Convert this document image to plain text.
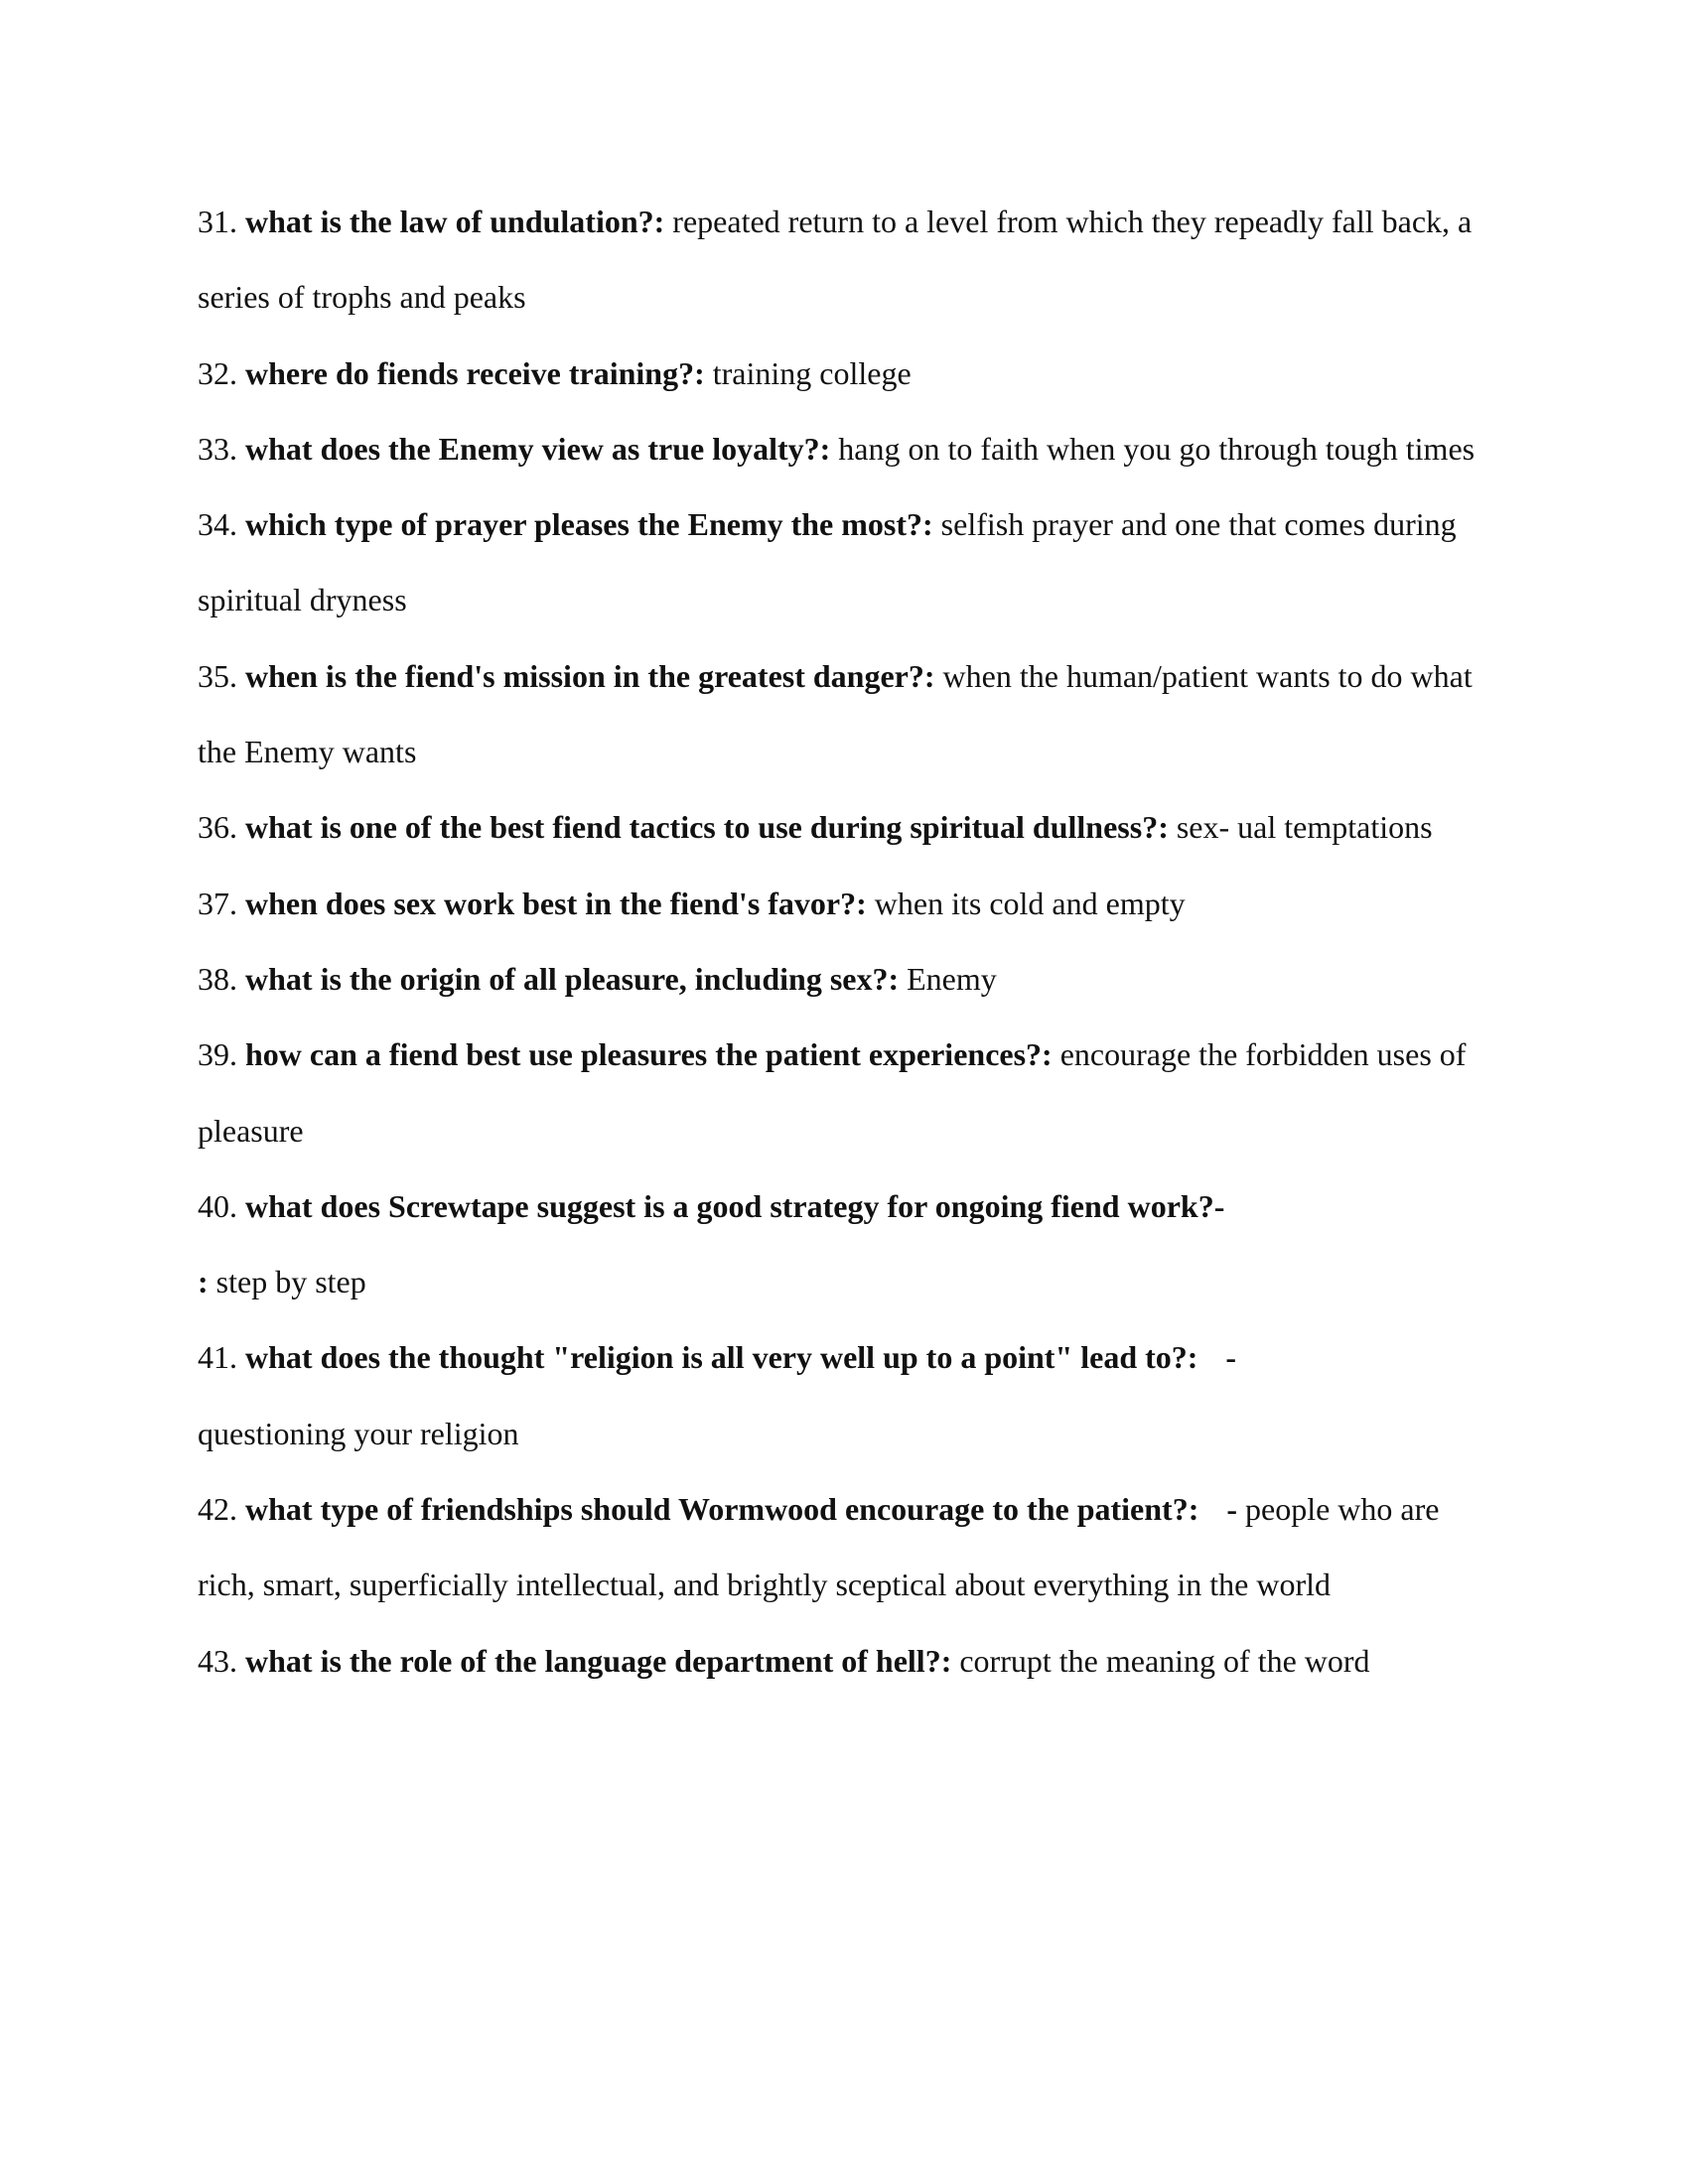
31. what is the law of undulation?: repeated return to a level from which they repeadly fall back, a series of trophs and peaks

32. where do fiends receive training?: training college

33. what does the Enemy view as true loyalty?: hang on to faith when you go through tough times

34. which type of prayer pleases the Enemy the most?: selfish prayer and one that comes during spiritual dryness

35. when is the fiend's mission in the greatest danger?: when the human/patient wants to do what the Enemy wants

36. what is one of the best fiend tactics to use during spiritual dullness?: sex- ual temptations

37. when does sex work best in the fiend's favor?: when its cold and empty

38. what is the origin of all pleasure, including sex?: Enemy

39. how can a fiend best use pleasures the patient experiences?: encourage the forbidden uses of pleasure

40. what does Screwtape suggest is a good strategy for ongoing fiend work?-
: step by step

41. what does the thought "religion is all very well up to a point" lead to?: -
questioning your religion

42. what type of friendships should Wormwood encourage to the patient?: - people who are rich, smart, superficially intellectual, and brightly sceptical about everything in the world

43. what is the role of the language department of hell?: corrupt the meaning of the word
